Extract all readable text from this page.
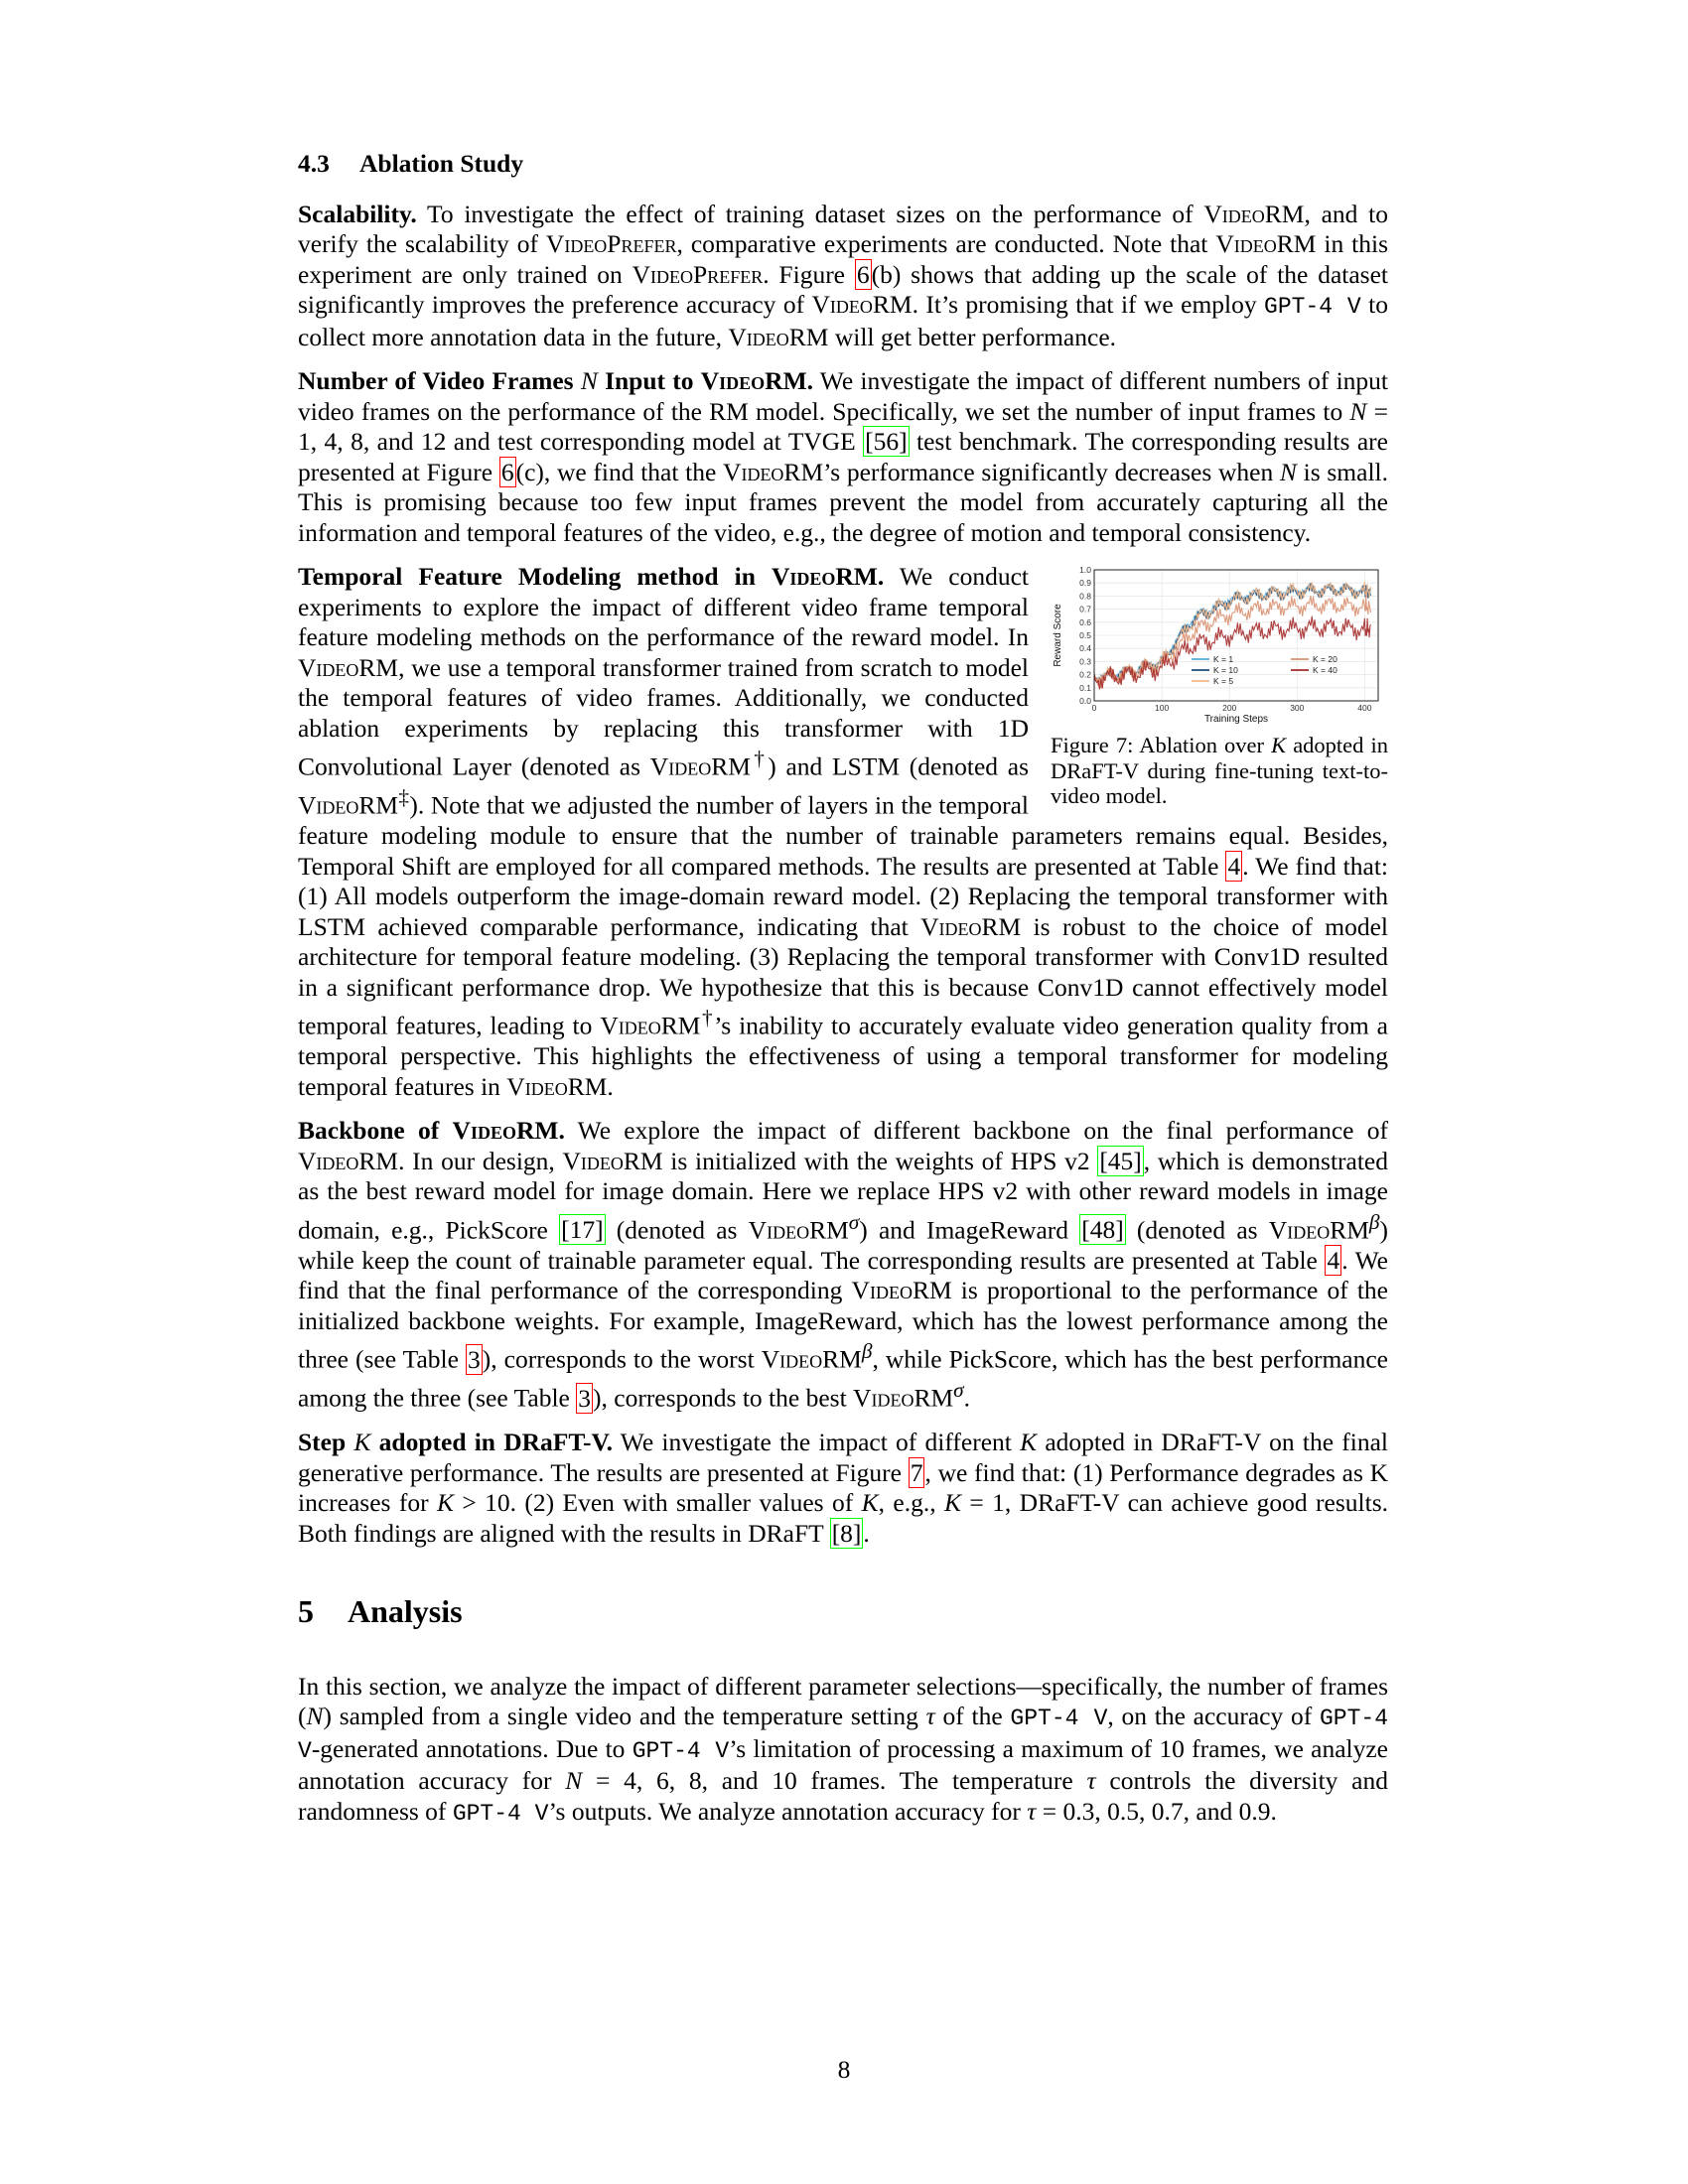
4.3 Ablation Study

Scalability. To investigate the effect of training dataset sizes on the performance of VideoRM, and to verify the scalability of VideoPrefer, comparative experiments are conducted. Note that VideoRM in this experiment are only trained on VideoPrefer. Figure 6(b) shows that adding up the scale of the dataset significantly improves the preference accuracy of VideoRM. It’s promising that if we employ GPT-4 V to collect more annotation data in the future, VideoRM will get better performance.

Number of Video Frames N Input to VideoRM. We investigate the impact of different numbers of input video frames on the performance of the RM model. Specifically, we set the number of input frames to N = 1, 4, 8, and 12 and test corresponding model at TVGE [56] test benchmark. The corresponding results are presented at Figure 6(c), we find that the VideoRM’s performance significantly decreases when N is small. This is promising because too few input frames prevent the model from accurately capturing all the information and temporal features of the video, e.g., the degree of motion and temporal consistency.

0.0
0.1
0.2
0.3
0.4
0.5
0.6
0.7
0.8
0.9
1.0
0	100	200	300	400
Training Steps
Reward Score	K = 1
K = 10
K = 5
K = 20
K = 40
Figure 7: Ablation over K adopted in DRaFT-V during fine-tuning text-to-video model.

Temporal Feature Modeling method in VideoRM. We conduct experiments to explore the impact of different video frame temporal feature modeling methods on the performance of the reward model. In VideoRM, we use a temporal transformer trained from scratch to model the temporal features of video frames. Additionally, we conducted ablation experiments by replacing this transformer with 1D Convolutional Layer (denoted as VideoRM†) and LSTM (denoted as VideoRM‡). Note that we adjusted the number of layers in the temporal feature modeling module to ensure that the number of trainable parameters remains equal. Besides, Temporal Shift are employed for all compared methods. The results are presented at Table 4. We find that: (1) All models outperform the image-domain reward model. (2) Replacing the temporal transformer with LSTM achieved comparable performance, indicating that VideoRM is robust to the choice of model architecture for temporal feature modeling. (3) Replacing the temporal transformer with Conv1D resulted in a significant performance drop. We hypothesize that this is because Conv1D cannot effectively model temporal features, leading to VideoRM†’s inability to accurately evaluate video generation quality from a temporal perspective. This highlights the effectiveness of using a temporal transformer for modeling temporal features in VideoRM.

Backbone of VideoRM. We explore the impact of different backbone on the final performance of VideoRM. In our design, VideoRM is initialized with the weights of HPS v2 [45], which is demonstrated as the best reward model for image domain. Here we replace HPS v2 with other reward models in image domain, e.g., PickScore [17] (denoted as VideoRM$^\sigma$) and ImageReward [48] (denoted as VideoRM$^\beta$) while keep the count of trainable parameter equal. The corresponding results are presented at Table 4. We find that the final performance of the corresponding VideoRM is proportional to the performance of the initialized backbone weights. For example, ImageReward, which has the lowest performance among the three (see Table 3), corresponds to the worst VideoRM$^\beta$, while PickScore, which has the best performance among the three (see Table 3), corresponds to the best VideoRM$^\sigma$.

Step K adopted in DRaFT-V. We investigate the impact of different K adopted in DRaFT-V on the final generative performance. The results are presented at Figure 7, we find that: (1) Performance degrades as K increases for K > 10. (2) Even with smaller values of K, e.g., K = 1, DRaFT-V can achieve good results. Both findings are aligned with the results in DRaFT [8].

5 Analysis

In this section, we analyze the impact of different parameter selections—specifically, the number of frames (N) sampled from a single video and the temperature setting τ of the GPT-4 V, on the accuracy of GPT-4 V-generated annotations. Due to GPT-4 V’s limitation of processing a maximum of 10 frames, we analyze annotation accuracy for N = 4, 6, 8, and 10 frames. The temperature τ controls the diversity and randomness of GPT-4 V’s outputs. We analyze annotation accuracy for τ = 0.3, 0.5, 0.7, and 0.9.

8
